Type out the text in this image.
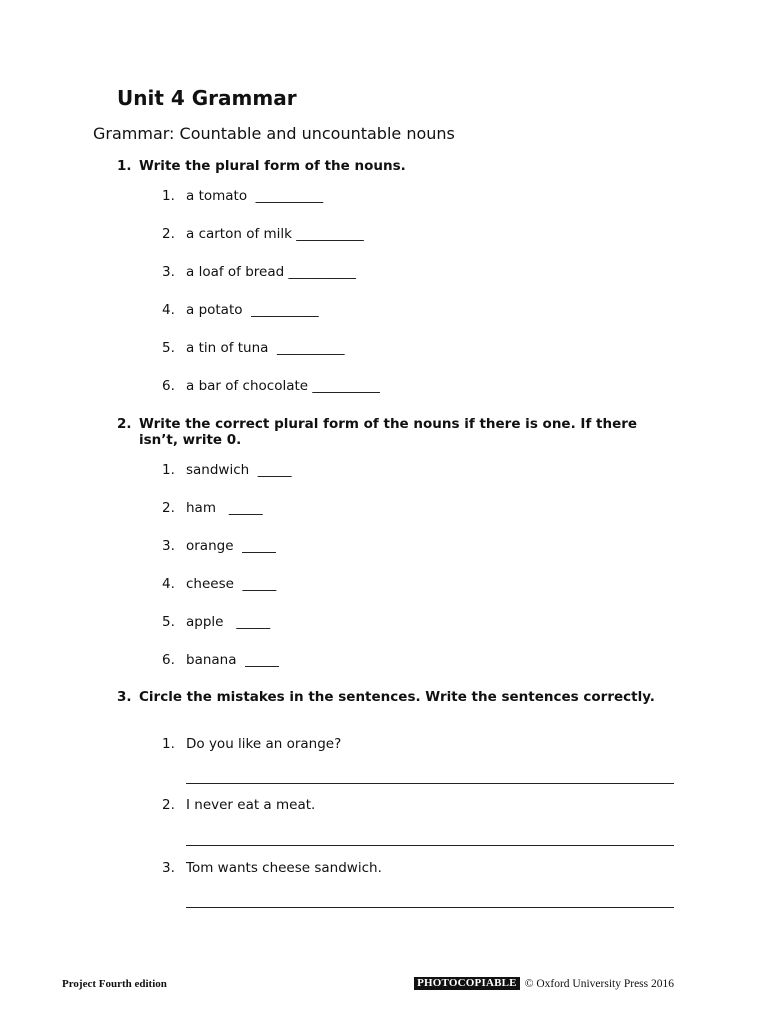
Unit 4 Grammar
Grammar: Countable and uncountable nouns
1. Write the plural form of the nouns.
1. a tomato  __________
2. a carton of milk __________
3. a loaf of bread __________
4. a potato  __________
5. a tin of tuna  __________
6. a bar of chocolate __________
2. Write the correct plural form of the nouns if there is one. If there isn’t, write 0.
1. sandwich  _____
2. ham   _____
3. orange  _____
4. cheese  _____
5. apple   _____
6. banana  _____
3. Circle the mistakes in the sentences. Write the sentences correctly.
1. Do you like an orange?
2. I never eat a meat.
3. Tom wants cheese sandwich.
Project Fourth edition	PHOTOCOPIABLE © Oxford University Press 2016
